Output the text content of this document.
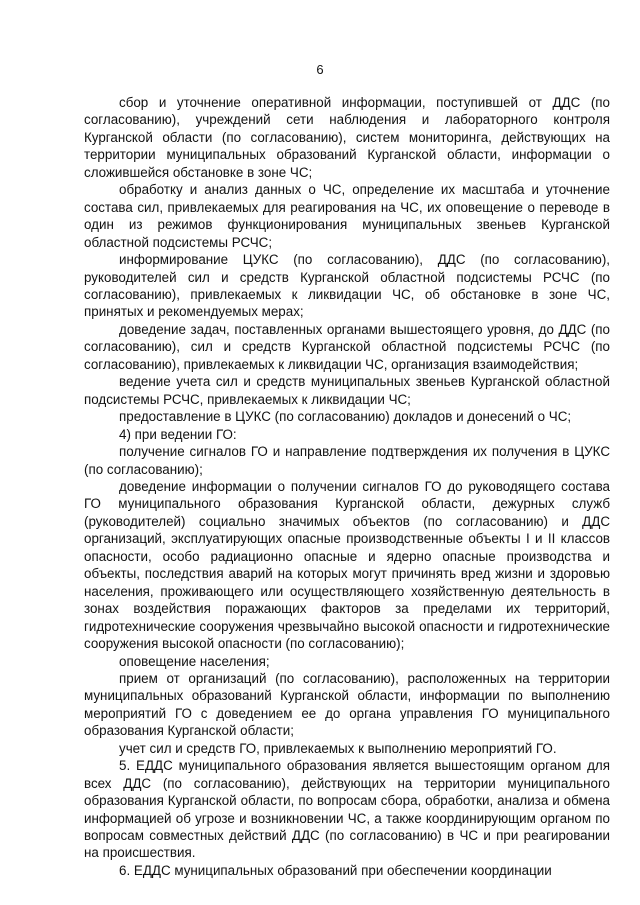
6

сбор и уточнение оперативной информации, поступившей от ДДС (по согласованию), учреждений сети наблюдения и лабораторного контроля Курганской области (по согласованию), систем мониторинга, действующих на территории муниципальных образований Курганской области, информации о сложившейся обстановке в зоне ЧС;

обработку и анализ данных о ЧС, определение их масштаба и уточнение состава сил, привлекаемых для реагирования на ЧС, их оповещение о переводе в один из режимов функционирования муниципальных звеньев Курганской областной подсистемы РСЧС;

информирование ЦУКС (по согласованию), ДДС (по согласованию), руководителей сил и средств Курганской областной подсистемы РСЧС (по согласованию), привлекаемых к ликвидации ЧС, об обстановке в зоне ЧС, принятых и рекомендуемых мерах;

доведение задач, поставленных органами вышестоящего уровня, до ДДС (по согласованию), сил и средств Курганской областной подсистемы РСЧС (по согласованию), привлекаемых к ликвидации ЧС, организация взаимодействия;

ведение учета сил и средств муниципальных звеньев Курганской областной подсистемы РСЧС, привлекаемых к ликвидации ЧС;

предоставление в ЦУКС (по согласованию) докладов и донесений о ЧС;

4) при ведении ГО:

получение сигналов ГО и направление подтверждения их получения в ЦУКС (по согласованию);

доведение информации о получении сигналов ГО до руководящего состава ГО муниципального образования Курганской области, дежурных служб (руководителей) социально значимых объектов (по согласованию) и ДДС организаций, эксплуатирующих опасные производственные объекты I и II классов опасности, особо радиационно опасные и ядерно опасные производства и объекты, последствия аварий на которых могут причинять вред жизни и здоровью населения, проживающего или осуществляющего хозяйственную деятельность в зонах воздействия поражающих факторов за пределами их территорий, гидротехнические сооружения чрезвычайно высокой опасности и гидротехнические сооружения высокой опасности (по согласованию);

оповещение населения;

прием от организаций (по согласованию), расположенных на территории муниципальных образований Курганской области, информации по выполнению мероприятий ГО с доведением ее до органа управления ГО муниципального образования Курганской области;

учет сил и средств ГО, привлекаемых к выполнению мероприятий ГО.

5. ЕДДС муниципального образования является вышестоящим органом для всех ДДС (по согласованию), действующих на территории муниципального образования Курганской области, по вопросам сбора, обработки, анализа и обмена информацией об угрозе и возникновении ЧС, а также координирующим органом по вопросам совместных действий ДДС (по согласованию) в ЧС и при реагировании на происшествия.

6. ЕДДС муниципальных образований при обеспечении координации
